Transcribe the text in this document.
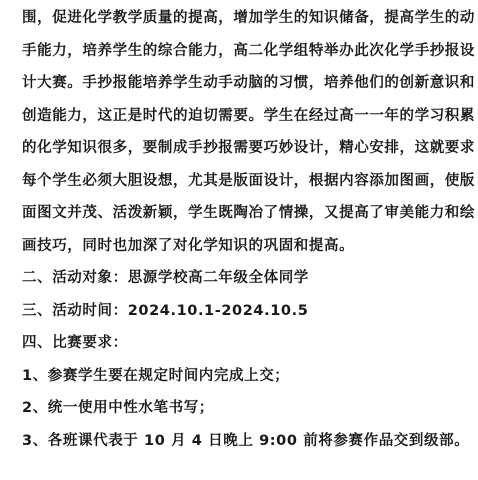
围，促进化学教学质量的提高，增加学生的知识储备，提高学生的动

手能力，培养学生的综合能力，高二化学组特举办此次化学手抄报设

计大赛。手抄报能培养学生动手动脑的习惯，培养他们的创新意识和

创造能力，这正是时代的迫切需要。学生在经过高一一年的学习积累

的化学知识很多，要制成手抄报需要巧妙设计，精心安排，这就要求

每个学生必须大胆设想，尤其是版面设计，根据内容添加图画，使版

面图文并茂、活泼新颖，学生既陶冶了情操，又提高了审美能力和绘

画技巧，同时也加深了对化学知识的巩固和提高。

二、活动对象：思源学校高二年级全体同学

三、活动时间：2024.10.1-2024.10.5

四、比赛要求：

1、参赛学生要在规定时间内完成上交；

2、统一使用中性水笔书写；

3、各班课代表于 10 月 4 日晚上 9:00 前将参赛作品交到级部。
